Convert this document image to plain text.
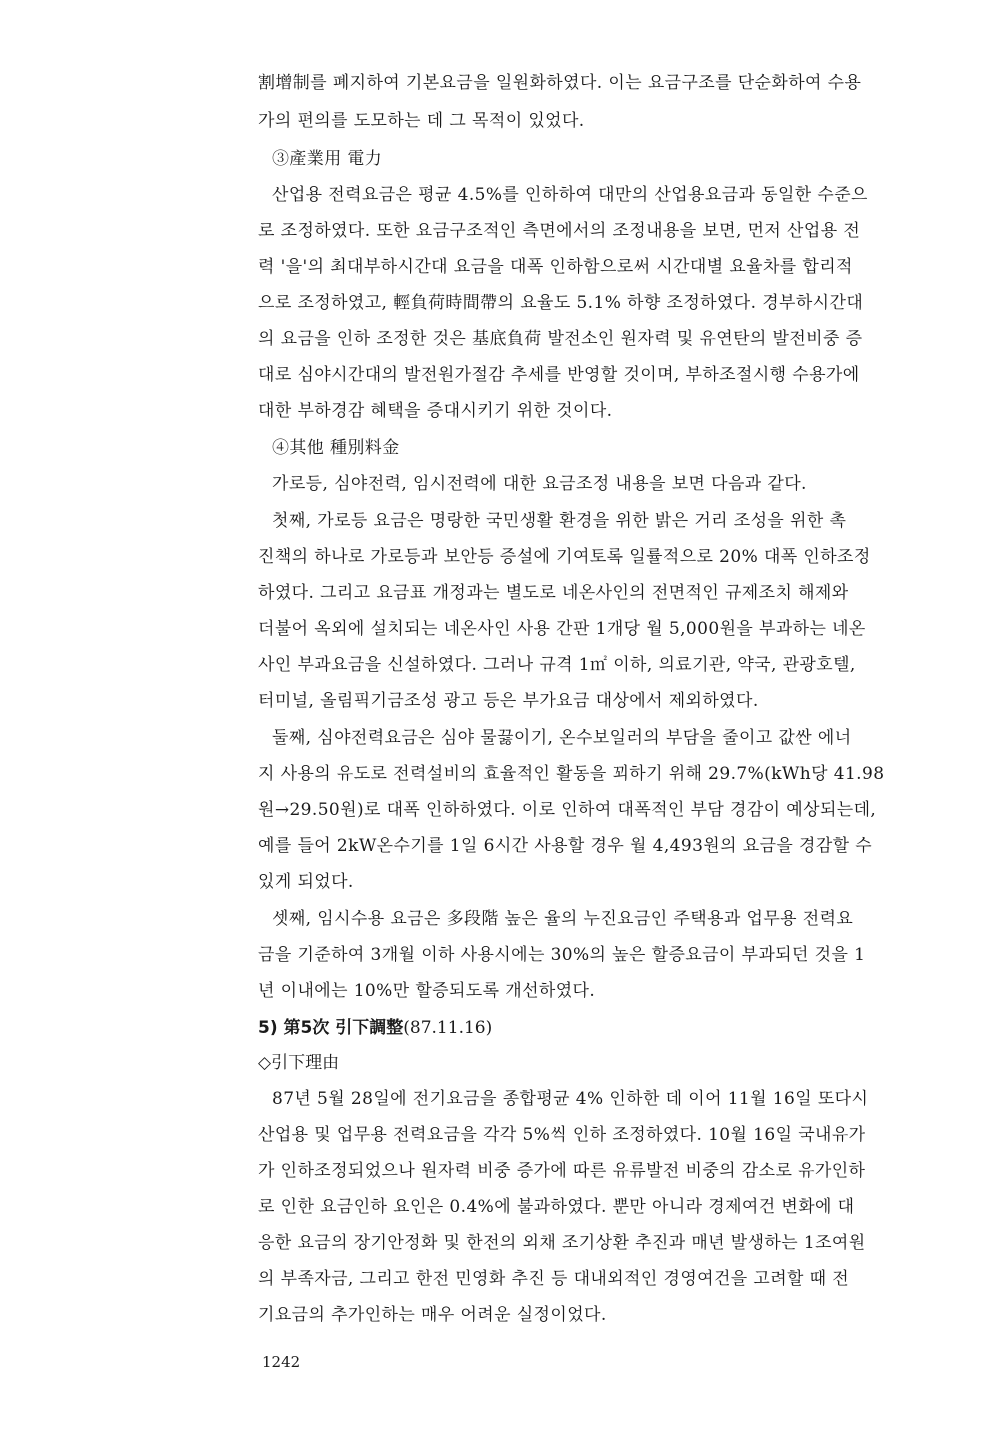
割增制를 폐지하여 기본요금을 일원화하였다. 이는 요금구조를 단순화하여 수용
가의 편의를 도모하는 데 그 목적이 있었다.
③產業用 電力
산업용 전력요금은 평균 4.5%를 인하하여 대만의 산업용요금과 동일한 수준으
로 조정하였다. 또한 요금구조적인 측면에서의 조정내용을 보면, 먼저 산업용 전
력 '을'의 최대부하시간대 요금을 대폭 인하함으로써 시간대별 요율차를 합리적
으로 조정하였고, 輕負荷時間帶의 요율도 5.1% 하향 조정하였다. 경부하시간대
의 요금을 인하 조정한 것은 基底負荷 발전소인 원자력 및 유연탄의 발전비중 증
대로 심야시간대의 발전원가절감 추세를 반영할 것이며, 부하조절시행 수용가에
대한 부하경감 혜택을 증대시키기 위한 것이다.
④其他 種別料金
가로등, 심야전력, 임시전력에 대한 요금조정 내용을 보면 다음과 같다.
첫째, 가로등 요금은 명랑한 국민생활 환경을 위한 밝은 거리 조성을 위한 촉
진책의 하나로 가로등과 보안등 증설에 기여토록 일률적으로 20% 대폭 인하조정
하였다. 그리고 요금표 개정과는 별도로 네온사인의 전면적인 규제조치 해제와
더불어 옥외에 설치되는 네온사인 사용 간판 1개당 월 5,000원을 부과하는 네온
사인 부과요금을 신설하였다. 그러나 규격 1㎡ 이하, 의료기관, 약국, 관광호텔,
터미널, 올림픽기금조성 광고 등은 부가요금 대상에서 제외하였다.
둘째, 심야전력요금은 심야 물끓이기, 온수보일러의 부담을 줄이고 값싼 에너
지 사용의 유도로 전력설비의 효율적인 활동을 꾀하기 위해 29.7%(kWh당 41.98
원→29.50원)로 대폭 인하하였다. 이로 인하여 대폭적인 부담 경감이 예상되는데,
예를 들어 2kW온수기를 1일 6시간 사용할 경우 월 4,493원의 요금을 경감할 수
있게 되었다.
셋째, 임시수용 요금은 多段階 높은 율의 누진요금인 주택용과 업무용 전력요
금을 기준하여 3개월 이하 사용시에는 30%의 높은 할증요금이 부과되던 것을 1
년 이내에는 10%만 할증되도록 개선하였다.
5) 第5次 引下調整(87.11.16)
◇引下理由
87년 5월 28일에 전기요금을 종합평균 4% 인하한 데 이어 11월 16일 또다시
산업용 및 업무용 전력요금을 각각 5%씩 인하 조정하였다. 10월 16일 국내유가
가 인하조정되었으나 원자력 비중 증가에 따른 유류발전 비중의 감소로 유가인하
로 인한 요금인하 요인은 0.4%에 불과하였다. 뿐만 아니라 경제여건 변화에 대
응한 요금의 장기안정화 및 한전의 외채 조기상환 추진과 매년 발생하는 1조여원
의 부족자금, 그리고 한전 민영화 추진 등 대내외적인 경영여건을 고려할 때 전
기요금의 추가인하는 매우 어려운 실정이었다.
1242
